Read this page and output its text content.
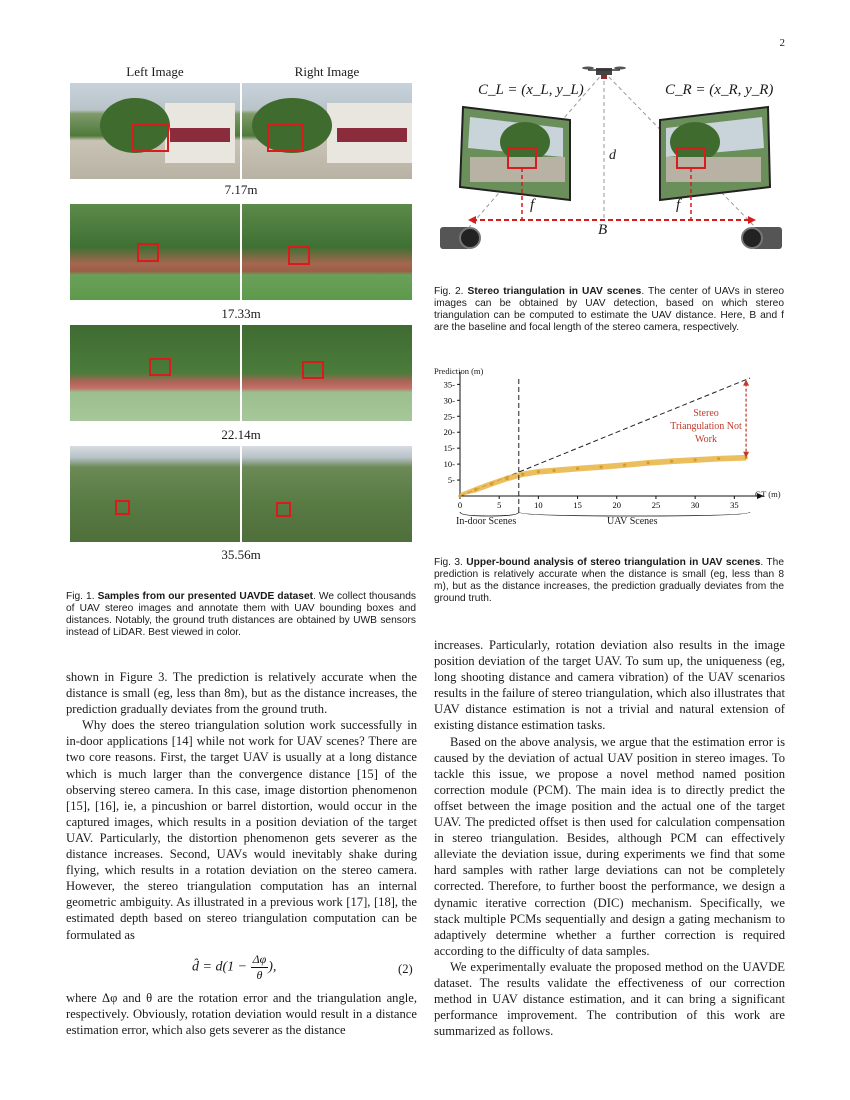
2
Left Image	Right Image
7.17m
17.33m
22.14m
35.56m
Fig. 1. Samples from our presented UAVDE dataset. We collect thousands of UAV stereo images and annotate them with UAV bounding boxes and distances. Notably, the ground truth distances are obtained by UWB sensors instead of LiDAR. Best viewed in color.
C_L = (x_L, y_L)	C_R = (x_R, y_R)
d
f	f
B
Fig. 2. Stereo triangulation in UAV scenes. The center of UAVs in stereo images can be obtained by UAV detection, based on which stereo triangulation can be computed to estimate the UAV distance. Here, B and f are the baseline and focal length of the stereo camera, respectively.
0	5	10	15	20	25	30	35
5-
10-
15-
20-
25-
30-
35-
Prediction (m)
GT (m)
Stereo Triangulation Not Work
In-door Scenes	UAV Scenes
Fig. 3. Upper-bound analysis of stereo triangulation in UAV scenes. The prediction is relatively accurate when the distance is small (eg, less than 8 m), but as the distance increases, the prediction gradually deviates from the ground truth.

shown in Figure 3. The prediction is relatively accurate when the distance is small (eg, less than 8m), but as the distance increases, the prediction gradually deviates from the ground truth.

Why does the stereo triangulation solution work successfully in in-door applications [14] while not work for UAV scenes? There are two core reasons. First, the target UAV is usually at a long distance which is much larger than the convergence distance [15] of the observing stereo camera. In this case, image distortion phenomenon [15], [16], ie, a pincushion or barrel distortion, would occur in the captured images, which results in a position deviation of the target UAV. Particularly, the distortion phenomenon gets severer as the distance increases. Second, UAVs would inevitably shake during flying, which results in a rotation deviation on the stereo camera. However, the stereo triangulation computation has an internal geometric ambiguity. As illustrated in a previous work [17], [18], the estimated depth based on stereo triangulation computation can be formulated as

d̂ = $d(1 - \frac{\Delta\varphi}{\theta}$ ),	(2)
where Δφ and θ are the rotation error and the triangulation angle, respectively. Obviously, rotation deviation would result in a distance estimation error, which also gets severer as the distance

increases. Particularly, rotation deviation also results in the image position deviation of the target UAV. To sum up, the uniqueness (eg, long shooting distance and camera vibration) of the UAV scenarios results in the failure of stereo triangulation, which also illustrates that UAV distance estimation is not a trivial and natural extension of existing distance estimation tasks.

Based on the above analysis, we argue that the estimation error is caused by the deviation of actual UAV position in stereo images. To tackle this issue, we propose a novel method named position correction module (PCM). The main idea is to directly predict the offset between the image position and the actual one of the target UAV. The predicted offset is then used for calculation compensation in stereo triangulation. Besides, although PCM can effectively alleviate the deviation issue, during experiments we find that some hard samples with rather large deviations can not be completely corrected. Therefore, to further boost the performance, we design a dynamic iterative correction (DIC) mechanism. Specifically, we stack multiple PCMs sequentially and design a gating mechanism to adaptively determine whether a further correction is required according to the difficulty of data samples.

We experimentally evaluate the proposed method on the UAVDE dataset. The results validate the effectiveness of our correction method in UAV distance estimation, and it can bring a significant performance improvement. The contribution of this work are summarized as follows.
